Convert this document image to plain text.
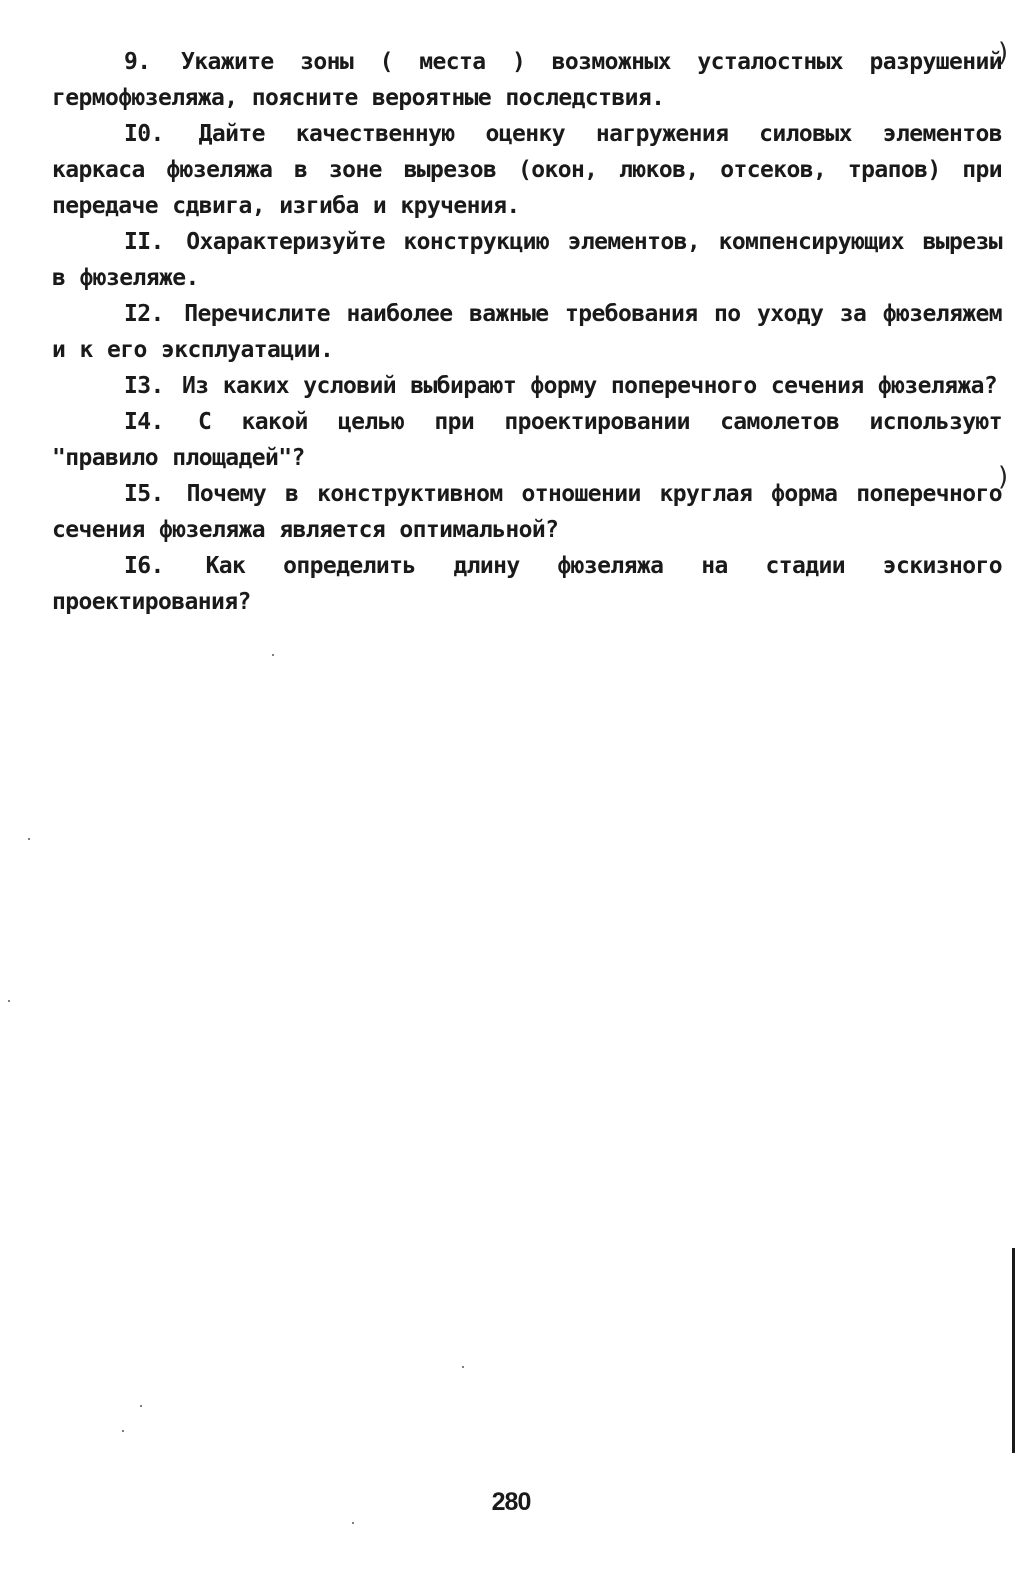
9. Укажите зоны ( места ) возможных усталостных разрушений гермофюзеляжа, поясните вероятные последствия.

I0. Дайте качественную оценку нагружения силовых элементов каркаса фюзеляжа в зоне вырезов (окон, люков, отсеков, трапов) при передаче сдвига, изгиба и кручения.

II. Охарактеризуйте конструкцию элементов, компенсирующих вырезы в фюзеляже.

I2. Перечислите наиболее важные требования по уходу за фюзеляжем и к его эксплуатации.

I3. Из каких условий выбирают форму поперечного сечения фюзеляжа?

I4. С какой целью при проектировании самолетов используют "правило площадей"?

I5. Почему в конструктивном отношении круглая форма поперечного сечения фюзеляжа является оптимальной?

I6. Как определить длину фюзеляжа на стадии эскизного проектирования?

280
)
)
